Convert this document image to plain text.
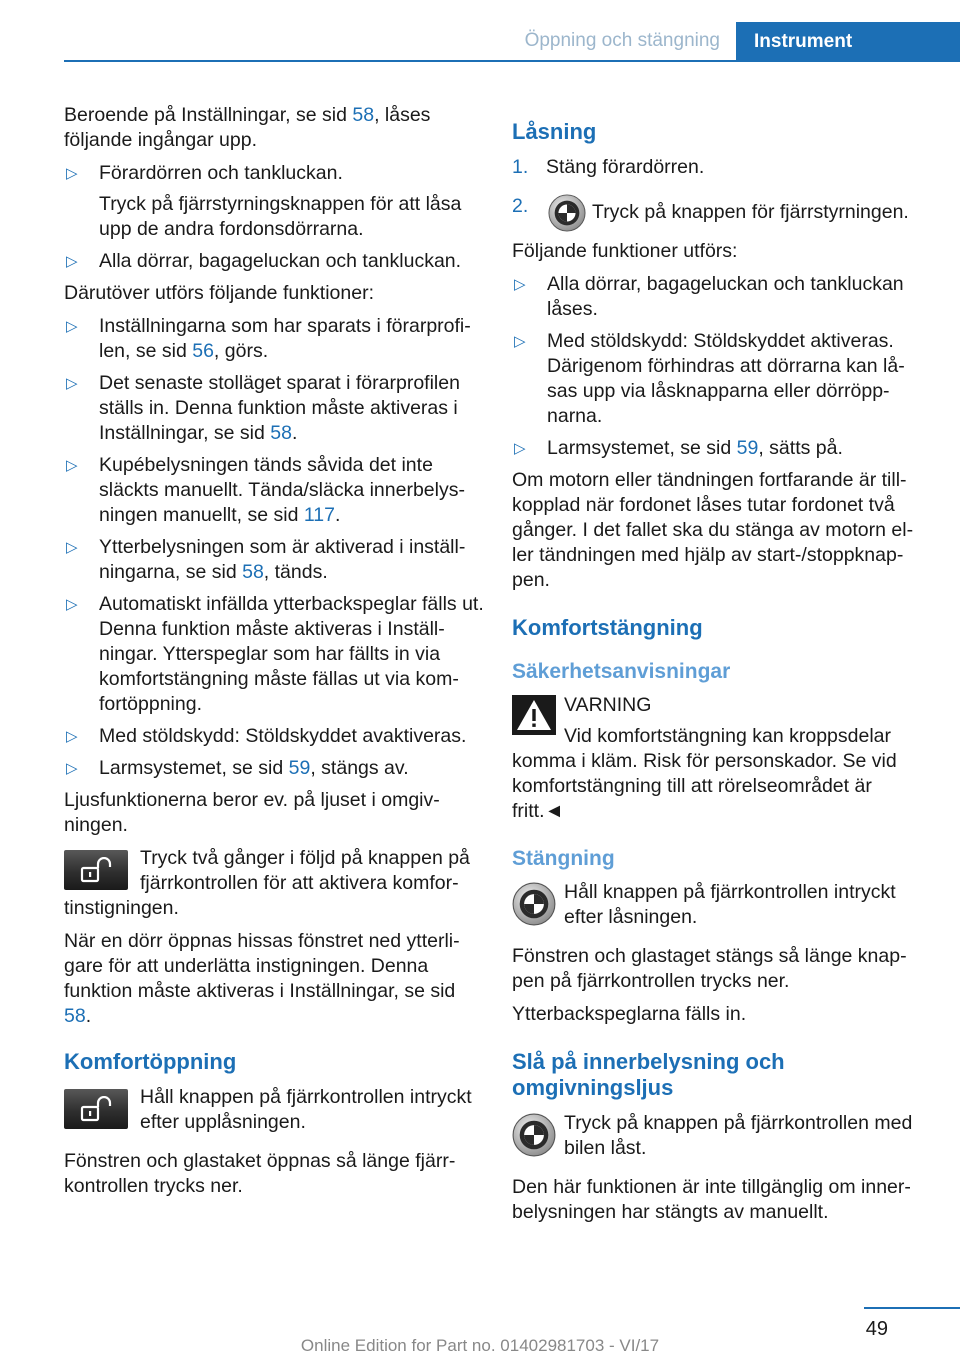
Öppning och stängning Instrument

Beroende på Inställningar, se sid 58, låses följande ingångar upp.

▷ Förardörren och tankluckan.
Tryck på fjärrstyrningsknappen för att låsa upp de andra fordonsdörrarna.
▷ Alla dörrar, bagageluckan och tankluckan.

Därutöver utförs följande funktioner:

▷ Inställningarna som har sparats i förarprofilen, se sid 56, görs.
▷ Det senaste stolläget sparat i förarprofilen ställs in. Denna funktion måste aktiveras i Inställningar, se sid 58.
▷ Kupébelysningen tänds såvida det inte släckts manuellt. Tända/släcka innerbelysningen manuellt, se sid 117.
▷ Ytterbelysningen som är aktiverad i inställningarna, se sid 58, tänds.
▷ Automatiskt infällda ytterbackspeglar fälls ut. Denna funktion måste aktiveras i Inställningar. Ytterspeglar som har fällts in via komfortstängning måste fällas ut via komfortöppning.
▷ Med stöldskydd: Stöldskyddet avaktiveras.
▷ Larmsystemet, se sid 59, stängs av.

Ljusfunktionerna beror ev. på ljuset i omgivningen.

Tryck två gånger i följd på knappen på fjärrkontrollen för att aktivera komfortinstigningen.

När en dörr öppnas hissas fönstret ned ytterligare för att underlätta instigningen. Denna funktion måste aktiveras i Inställningar, se sid 58.

Komfortöppning
Håll knappen på fjärrkontrollen intryckt efter upplåsningen.

Fönstren och glastaket öppnas så länge fjärrkontrollen trycks ner.

Låsning
1. Stäng förardörren.
2.	Tryck på knappen för fjärrstyrningen.

Följande funktioner utförs:

▷ Alla dörrar, bagageluckan och tankluckan låses.
▷ Med stöldskydd: Stöldskyddet aktiveras. Därigenom förhindras att dörrarna kan låsas upp via låsknapparna eller dörröppnarna.
▷ Larmsystemet, se sid 59, sätts på.

Om motorn eller tändningen fortfarande är tillkopplad när fordonet låses tutar fordonet två gånger. I det fallet ska du stänga av motorn eller tändningen med hjälp av start-/stoppknappen.

Komfortstängning
Säkerhetsanvisningar
VARNING
Vid komfortstängning kan kroppsdelar komma i kläm. Risk för personskador. Se vid komfortstängning till att rörelseområdet är fritt.◄
Stängning
Håll knappen på fjärrkontrollen intryckt efter låsningen.

Fönstren och glastaget stängs så länge knappen på fjärrkontrollen trycks ner.

Ytterbackspeglarna fälls in.

Slå på innerbelysning och omgivningsljus
Tryck på knappen på fjärrkontrollen med bilen låst.

Den här funktionen är inte tillgänglig om innerbelysningen har stängts av manuellt.

49
Online Edition for Part no. 01402981703 - VI/17
